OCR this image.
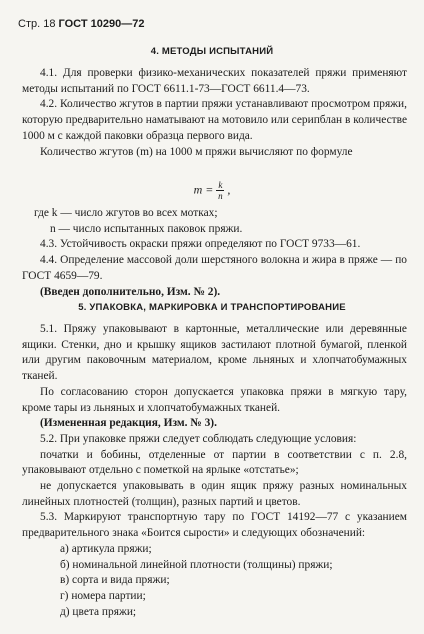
Стр. 18 ГОСТ 10290—72
4. МЕТОДЫ ИСПЫТАНИЙ

4.1. Для проверки физико-механических показателей пряжи применяют методы испытаний по ГОСТ 6611.1-73—ГОСТ 6611.4—73.

4.2. Количество жгутов в партии пряжи устанавливают просмотром пряжи, которую предварительно наматывают на мотовило или серипблан в количестве 1000 м с каждой паковки образца первого вида.

Количество жгутов (m) на 1000 м пряжи вычисляют по формуле

$m = \frac{k}{n}$ ,

где k — число жгутов во всех мотках;

n — число испытанных паковок пряжи.

4.3. Устойчивость окраски пряжи определяют по ГОСТ 9733—61.

4.4. Определение массовой доли шерстяного волокна и жира в пряже — по ГОСТ 4659—79.

(Введен дополнительно, Изм. № 2).

5. УПАКОВКА, МАРКИРОВКА И ТРАНСПОРТИРОВАНИЕ

5.1. Пряжу упаковывают в картонные, металлические или деревянные ящики. Стенки, дно и крышку ящиков застилают плотной бумагой, пленкой или другим паковочным материалом, кроме льняных и хлопчатобумажных тканей.

По согласованию сторон допускается упаковка пряжи в мягкую тару, кроме тары из льняных и хлопчатобумажных тканей.

(Измененная редакция, Изм. № 3).

5.2. При упаковке пряжи следует соблюдать следующие условия:

початки и бобины, отделенные от партии в соответствии с п. 2.8, упаковывают отдельно с пометкой на ярлыке «отстатье»;

не допускается упаковывать в один ящик пряжу разных номинальных линейных плотностей (толщин), разных партий и цветов.

5.3. Маркируют транспортную тару по ГОСТ 14192—77 с указанием предварительного знака «Боится сырости» и следующих обозначений:

а) артикула пряжи;

б) номинальной линейной плотности (толщины) пряжи;

в) сорта и вида пряжи;

г) номера партии;

д) цвета пряжи;
